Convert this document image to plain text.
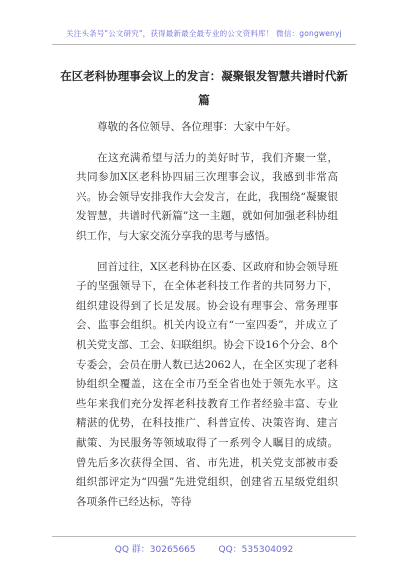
关注头条号"公文研究"，获得最新最全最专业的公文资料库！ 微信：gongwenyj
在区老科协理事会议上的发言：凝聚银发智慧共谱时代新篇

尊敬的各位领导、各位理事：大家中午好。

在这充满希望与活力的美好时节，我们齐聚一堂，共同参加X区老科协四届三次理事会议，我感到非常高兴。协会领导安排我作大会发言，在此，我围绕“凝聚银发智慧，共谱时代新篇”这一主题，就如何加强老科协组织工作，与大家交流分享我的思考与感悟。

回首过往，X区老科协在区委、区政府和协会领导班子的坚强领导下，在全体老科技工作者的共同努力下，组织建设得到了长足发展。协会设有理事会、常务理事会、监事会组织。机关内设立有“一室四委”，并成立了机关党支部、工会、妇联组织。协会下设16个分会、8个专委会，会员在册人数已达2062人，在全区实现了老科协组织全覆盖，这在全市乃至全省也处于领先水平。这些年来我们充分发挥老科技教育工作者经验丰富、专业精湛的优势，在科技推广、科普宣传、决策咨询、建言献策、为民服务等领域取得了一系列令人瞩目的成绩。曾先后多次获得全国、省、市先进，机关党支部被市委组织部评定为“四强”先进党组织，创建省五星级党组织各项条件已经达标，等待

QQ 群：30265665	QQ：535304092
